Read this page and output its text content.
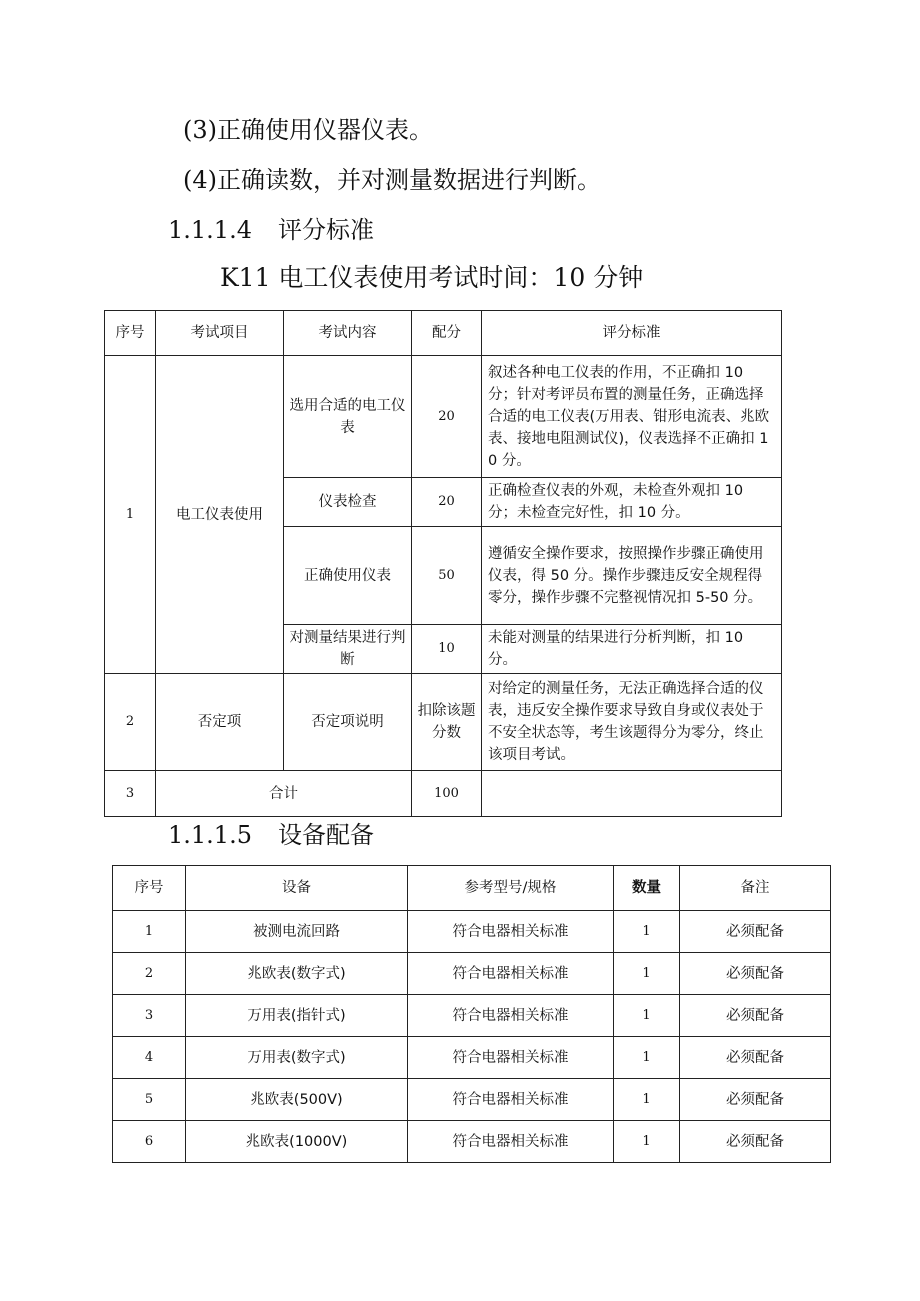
(3)正确使用仪器仪表。
(4)正确读数，并对测量数据进行判断。
1.1.1.4 评分标准
K11 电工仪表使用考试时间：10 分钟
序号	考试项目	考试内容	配分	评分标准
1	电工仪表使用	选用合适的电工仪表	20	叙述各种电工仪表的作用，不正确扣 10 分；针对考评员布置的测量任务，正确选择合适的电工仪表(万用表、钳形电流表、兆欧表、接地电阻测试仪)，仪表选择不正确扣 10 分。
		仪表检查	20	正确检查仪表的外观，未检查外观扣 10 分；未检查完好性，扣 10 分。
		正确使用仪表	50	遵循安全操作要求，按照操作步骤正确使用仪表，得 50 分。操作步骤违反安全规程得零分，操作步骤不完整视情况扣 5-50 分。
		对测量结果进行判断	10	未能对测量的结果进行分析判断，扣 10 分。
2	否定项	否定项说明	扣除该题分数	对给定的测量任务，无法正确选择合适的仪表，违反安全操作要求导致自身或仪表处于不安全状态等，考生该题得分为零分，终止该项目考试。
3	合计		100	
1.1.1.5 设备配备
序号	设备	参考型号/规格	数量	备注
1	被测电流回路	符合电器相关标准	1	必须配备
2	兆欧表(数字式)	符合电器相关标准	1	必须配备
3	万用表(指针式)	符合电器相关标准	1	必须配备
4	万用表(数字式)	符合电器相关标准	1	必须配备
5	兆欧表(500V)	符合电器相关标准	1	必须配备
6	兆欧表(1000V)	符合电器相关标准	1	必须配备
